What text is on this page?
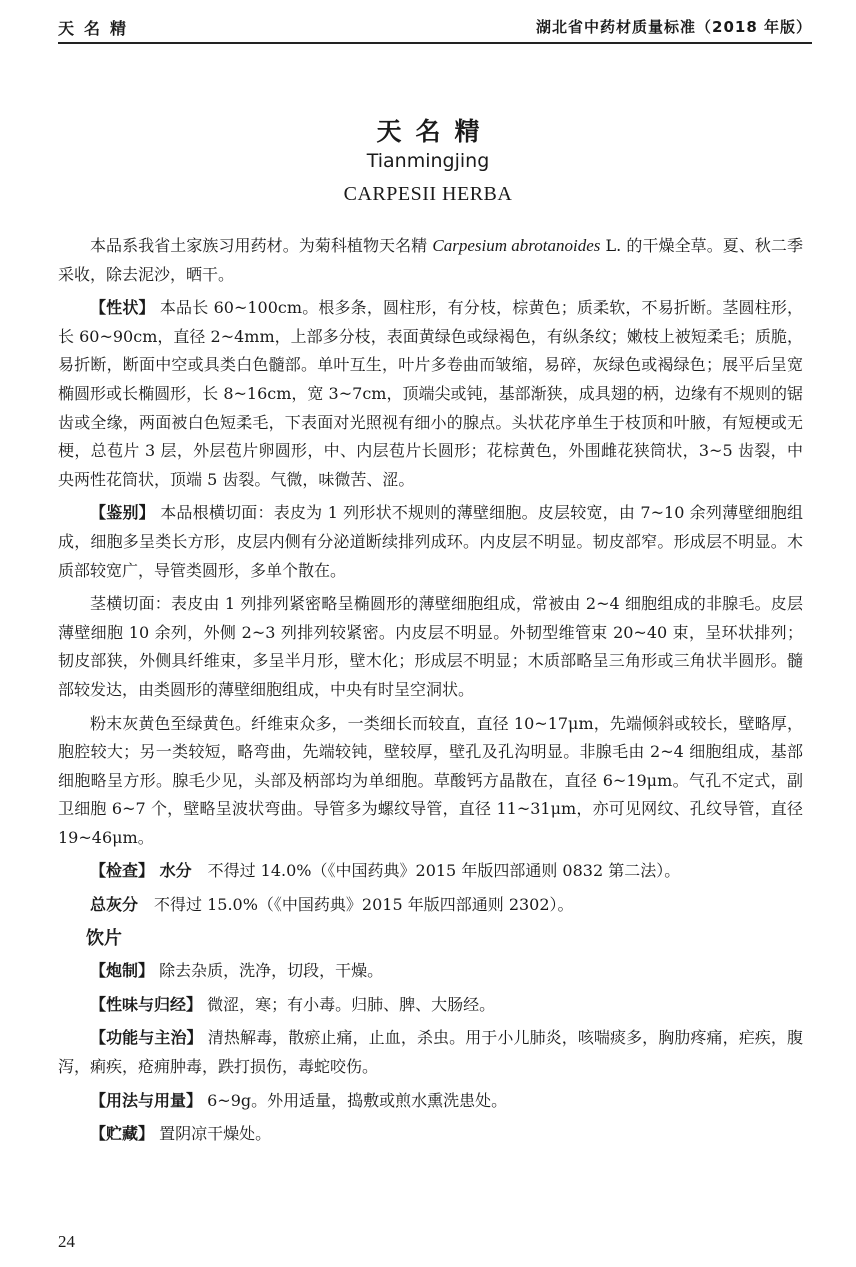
天名精	湖北省中药材质量标准（2018 年版）
天名精
Tianmingjing
CARPESII HERBA

本品系我省土家族习用药材。为菊科植物天名精 Carpesium abrotanoides L. 的干燥全草。夏、秋二季采收，除去泥沙，晒干。

【性状】 本品长 60~100cm。根多条，圆柱形，有分枝，棕黄色；质柔软，不易折断。茎圆柱形，长 60~90cm，直径 2~4mm，上部多分枝，表面黄绿色或绿褐色，有纵条纹；嫩枝上被短柔毛；质脆，易折断，断面中空或具类白色髓部。单叶互生，叶片多卷曲而皱缩，易碎，灰绿色或褐绿色；展平后呈宽椭圆形或长椭圆形，长 8~16cm，宽 3~7cm，顶端尖或钝，基部渐狭，成具翅的柄，边缘有不规则的锯齿或全缘，两面被白色短柔毛，下表面对光照视有细小的腺点。头状花序单生于枝顶和叶腋，有短梗或无梗，总苞片 3 层，外层苞片卵圆形，中、内层苞片长圆形；花棕黄色，外围雌花狭筒状，3~5 齿裂，中央两性花筒状，顶端 5 齿裂。气微，味微苦、涩。

【鉴别】 本品根横切面：表皮为 1 列形状不规则的薄壁细胞。皮层较宽，由 7~10 余列薄壁细胞组成，细胞多呈类长方形，皮层内侧有分泌道断续排列成环。内皮层不明显。韧皮部窄。形成层不明显。木质部较宽广，导管类圆形，多单个散在。

茎横切面：表皮由 1 列排列紧密略呈椭圆形的薄壁细胞组成，常被由 2~4 细胞组成的非腺毛。皮层薄壁细胞 10 余列，外侧 2~3 列排列较紧密。内皮层不明显。外韧型维管束 20~40 束，呈环状排列；韧皮部狭，外侧具纤维束，多呈半月形，壁木化；形成层不明显；木质部略呈三角形或三角状半圆形。髓部较发达，由类圆形的薄壁细胞组成，中央有时呈空洞状。

粉末灰黄色至绿黄色。纤维束众多，一类细长而较直，直径 10~17μm，先端倾斜或较长，壁略厚，胞腔较大；另一类较短，略弯曲，先端较钝，壁较厚，壁孔及孔沟明显。非腺毛由 2~4 细胞组成，基部细胞略呈方形。腺毛少见，头部及柄部均为单细胞。草酸钙方晶散在，直径 6~19μm。气孔不定式，副卫细胞 6~7 个，壁略呈波状弯曲。导管多为螺纹导管，直径 11~31μm，亦可见网纹、孔纹导管，直径 19~46μm。

【检查】 水分　不得过 14.0%（《中国药典》2015 年版四部通则 0832 第二法）。

总灰分　不得过 15.0%（《中国药典》2015 年版四部通则 2302）。

饮片

【炮制】 除去杂质，洗净，切段，干燥。

【性味与归经】 微涩，寒；有小毒。归肺、脾、大肠经。

【功能与主治】 清热解毒，散瘀止痛，止血，杀虫。用于小儿肺炎，咳喘痰多，胸肋疼痛，疟疾，腹泻，痢疾，疮痈肿毒，跌打损伤，毒蛇咬伤。

【用法与用量】 6~9g。外用适量，捣敷或煎水熏洗患处。

【贮藏】 置阴凉干燥处。

24
